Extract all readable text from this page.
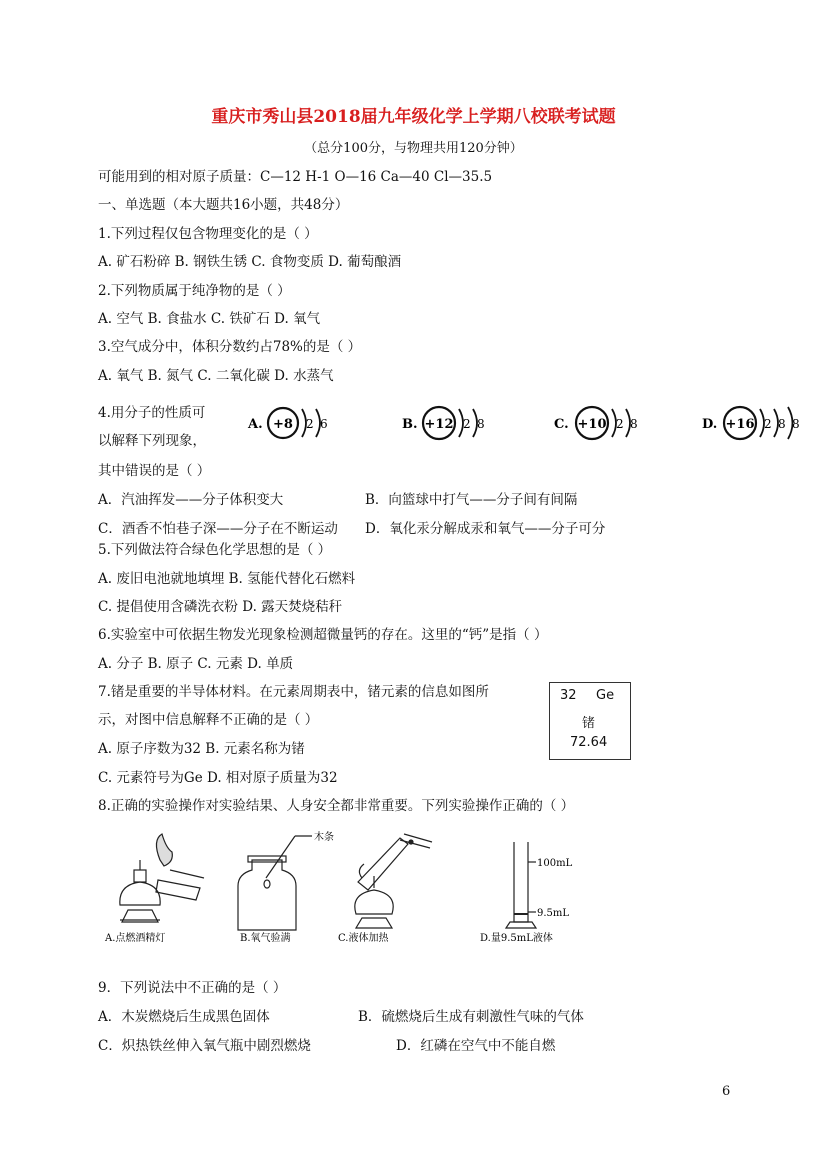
重庆市秀山县2018届九年级化学上学期八校联考试题
（总分100分，与物理共用120分钟）
可能用到的相对原子质量：C—12 H-1 O—16 Ca—40 Cl—35.5
一、单选题（本大题共16小题，共48分）
1.下列过程仅包含物理变化的是（ ）
A. 矿石粉碎 B. 钢铁生锈 C. 食物变质 D. 葡萄酿酒
2.下列物质属于纯净物的是（ ）
A. 空气 B. 食盐水 C. 铁矿石 D. 氧气
3.空气成分中，体积分数约占78%的是（ ）
A. 氧气 B. 氮气 C. 二氧化碳 D. 水蒸气
4.用分子的性质可
以解释下列现象，
其中错误的是（ ）
A. +8 2 6	B. +12 2 8	C. +10 2 8	D. +16 2 8 8
A．汽油挥发——分子体积变大	B．向篮球中打气——分子间有间隔
C．酒香不怕巷子深——分子在不断运动 D．氧化汞分解成汞和氧气——分子可分
5.下列做法符合绿色化学思想的是（ ）
A. 废旧电池就地填埋 B. 氢能代替化石燃料
C. 提倡使用含磷洗衣粉 D. 露天焚烧秸秆
6.实验室中可依据生物发光现象检测超微量钙的存在。这里的“钙”是指（ ）
A. 分子 B. 原子 C. 元素 D. 单质
7.锗是重要的半导体材料。在元素周期表中，锗元素的信息如图所
示，对图中信息解释不正确的是（ ）
A. 原子序数为32 B. 元素名称为锗
C. 元素符号为Ge D. 相对原子质量为32
32 Ge
锗
72.64
8.正确的实验操作对实验结果、人身安全都非常重要。下列实验操作正确的（ ）
A.点燃酒精灯
木条
B.氧气验满	C.液体加热
100mL
9.5mL
D.量9.5mL液体
9．下列说法中不正确的是（ ）
A．木炭燃烧后生成黑色固体	B．硫燃烧后生成有刺激性气味的气体
C．炽热铁丝伸入氧气瓶中剧烈燃烧	D．红磷在空气中不能自燃
6
